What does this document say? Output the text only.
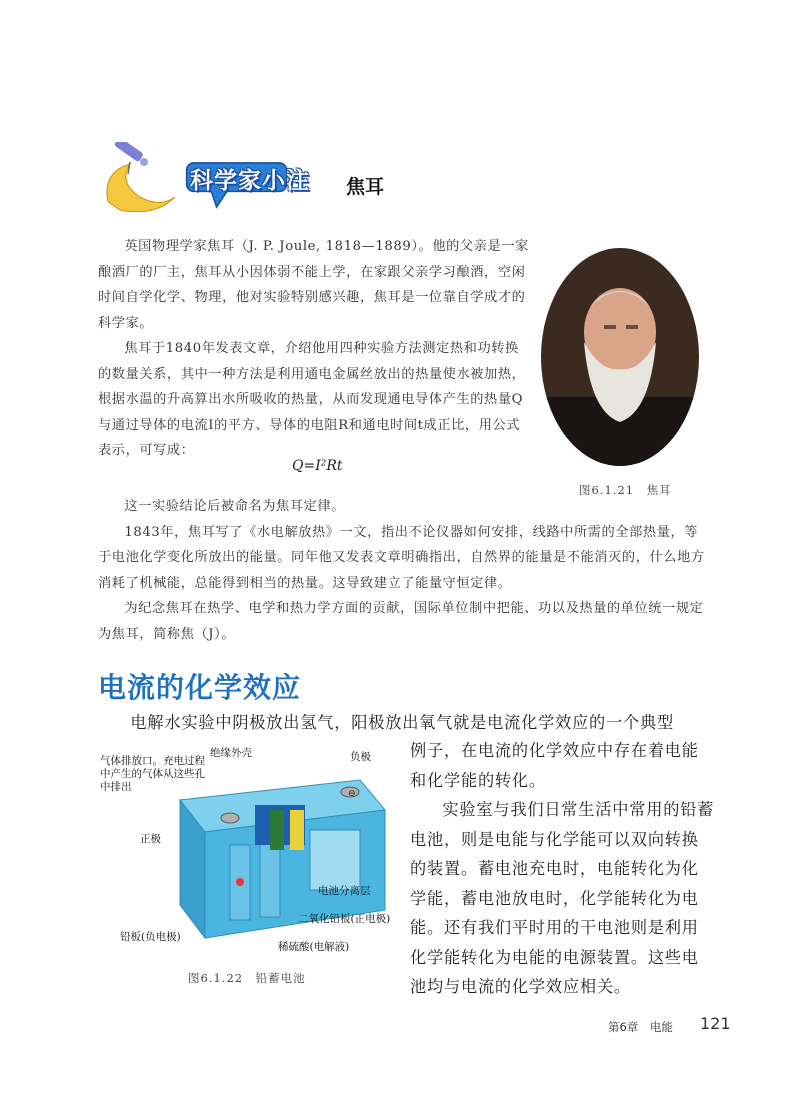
科学家小注 焦耳

英国物理学家焦耳（J. P. Joule, 1818—1889）。他的父亲是一家酿酒厂的厂主，焦耳从小因体弱不能上学，在家跟父亲学习酿酒，空闲时间自学化学、物理，他对实验特别感兴趣，焦耳是一位靠自学成才的科学家。

焦耳于1840年发表文章，介绍他用四种实验方法测定热和功转换的数量关系，其中一种方法是利用通电金属丝放出的热量使水被加热，根据水温的升高算出水所吸收的热量，从而发现通电导体产生的热量Q与通过导体的电流I的平方、导体的电阻R和通电时间t成正比，用公式表示，可写成：

Q=I²Rt
图6.1.21　焦耳

这一实验结论后被命名为焦耳定律。

1843年，焦耳写了《水电解放热》一文，指出不论仪器如何安排，线路中所需的全部热量，等于电池化学变化所放出的能量。同年他又发表文章明确指出，自然界的能量是不能消灭的，什么地方消耗了机械能，总能得到相当的热量。这导致建立了能量守恒定律。

为纪念焦耳在热学、电学和热力学方面的贡献，国际单位制中把能、功以及热量的单位统一规定为焦耳，简称焦（J）。

电流的化学效应
电解水实验中阴极放出氢气，阳极放出氧气就是电流化学效应的一个典型

例子，在电流的化学效应中存在着电能和化学能的转化。

实验室与我们日常生活中常用的铅蓄电池，则是电能与化学能可以双向转换的装置。蓄电池充电时，电能转化为化学能，蓄电池放电时，化学能转化为电能。还有我们平时用的干电池则是利用化学能转化为电能的电源装置。这些电池均与电流的化学效应相关。

⊖
气体排放口。充电过程中产生的气体从这些孔中排出
绝缘外壳	负极
正极
电池分离层
二氧化铅板(正电极)
铅板(负电极)
稀硫酸(电解液)
图6.1.22　铅蓄电池
第6章　电能 121
